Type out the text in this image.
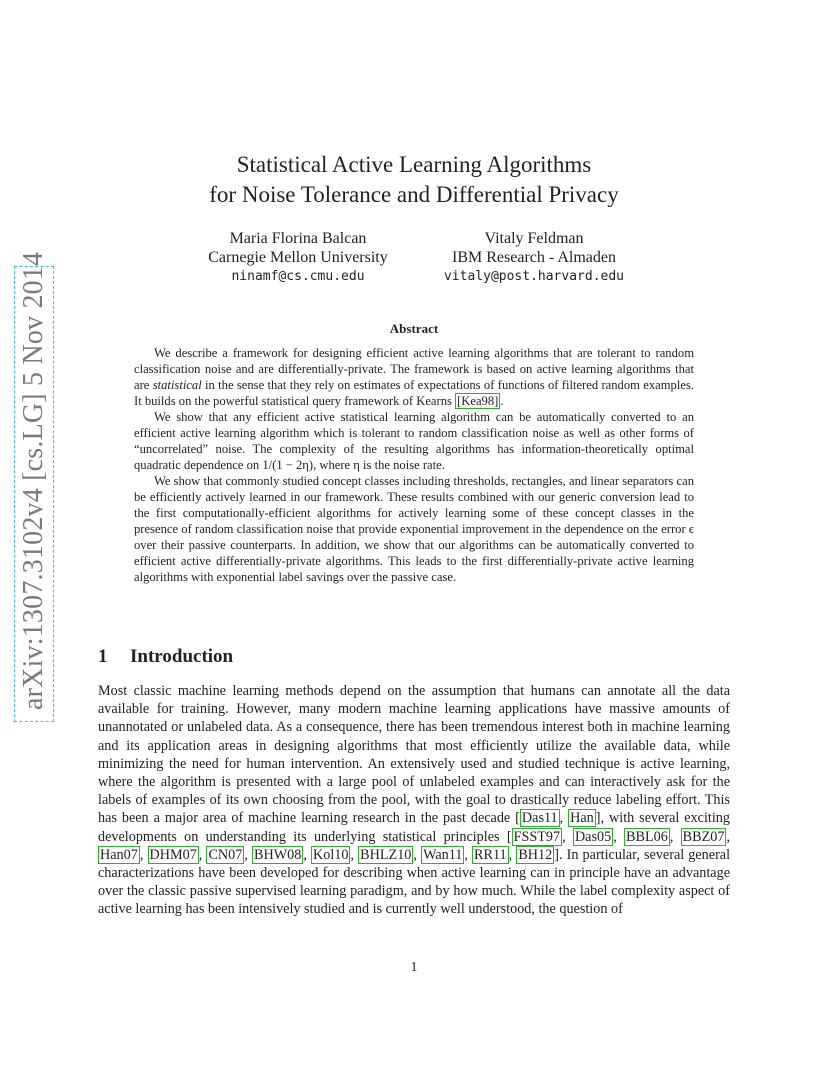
arXiv:1307.3102v4 [cs.LG] 5 Nov 2014
Statistical Active Learning Algorithms
for Noise Tolerance and Differential Privacy
Maria Florina Balcan
Carnegie Mellon University
ninamf@cs.cmu.edu
Vitaly Feldman
IBM Research - Almaden
vitaly@post.harvard.edu
Abstract

We describe a framework for designing efficient active learning algorithms that are tolerant to random classification noise and are differentially-private. The framework is based on active learning algorithms that are statistical in the sense that they rely on estimates of expectations of functions of filtered random examples. It builds on the powerful statistical query framework of Kearns [Kea98] .

We show that any efficient active statistical learning algorithm can be automatically converted to an efficient active learning algorithm which is tolerant to random classification noise as well as other forms of “uncorrelated” noise. The complexity of the resulting algorithms has information-theoretically optimal quadratic dependence on 1/(1 − 2η), where η is the noise rate.

We show that commonly studied concept classes including thresholds, rectangles, and linear separators can be efficiently actively learned in our framework. These results combined with our generic conversion lead to the first computationally-efficient algorithms for actively learning some of these concept classes in the presence of random classification noise that provide exponential improvement in the dependence on the error ϵ over their passive counterparts. In addition, we show that our algorithms can be automatically converted to efficient active differentially-private algorithms. This leads to the first differentially-private active learning algorithms with exponential label savings over the passive case.

1 Introduction

Most classic machine learning methods depend on the assumption that humans can annotate all the data available for training. However, many modern machine learning applications have massive amounts of unannotated or unlabeled data. As a consequence, there has been tremendous interest both in machine learning and its application areas in designing algorithms that most efficiently utilize the available data, while minimizing the need for human intervention. An extensively used and studied technique is active learning, where the algorithm is presented with a large pool of unlabeled examples and can interactively ask for the labels of examples of its own choosing from the pool, with the goal to drastically reduce labeling effort. This has been a major area of machine learning research in the past decade [ Das11 , Han ], with several exciting developments on understanding its underlying statistical principles [ FSST97 , Das05 , BBL06 , BBZ07 , Han07 , DHM07 , CN07 , BHW08 , Kol10 , BHLZ10 , Wan11 , RR11 , BH12 ]. In particular, several general characterizations have been developed for describing when active learning can in principle have an advantage over the classic passive supervised learning paradigm, and by how much. While the label complexity aspect of active learning has been intensively studied and is currently well understood, the question of

1
